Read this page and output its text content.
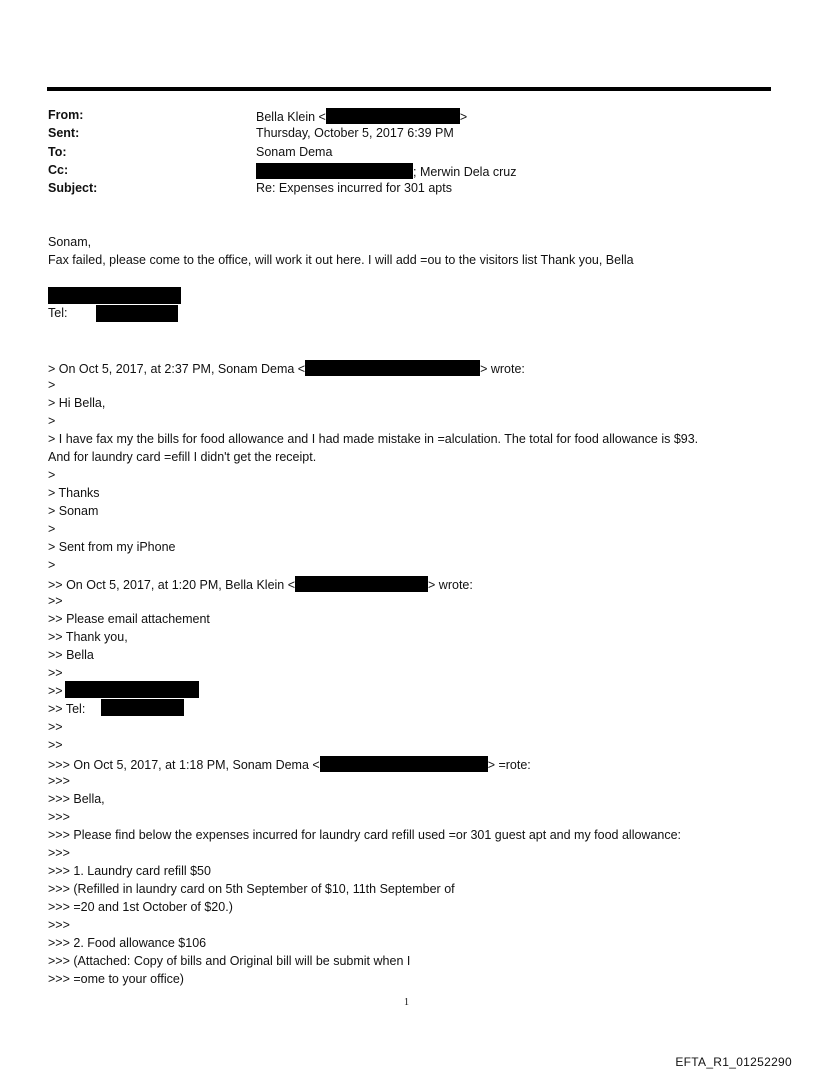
From:	Bella Klein <	>
Sent:	Thursday, October 5, 2017 6:39 PM
To:	Sonam Dema
Cc:	; Merwin Dela cruz
Subject:	Re: Expenses incurred for 301 apts
Sonam,
Fax failed, please come to the office, will work it out here. I will add =ou to the visitors list Thank you, Bella
Tel:
> On Oct 5, 2017, at 2:37 PM, Sonam Dema <	> wrote:
>
> Hi Bella,
>
> I have fax my the bills for food allowance and I had made mistake in =alculation. The total for food allowance is $93.
And for laundry card =efill I didn't get the receipt.
>
> Thanks
> Sonam
>
> Sent from my iPhone
>
>> On Oct 5, 2017, at 1:20 PM, Bella Klein <	> wrote:
>>
>> Please email attachement
>> Thank you,
>> Bella
>>
>>
>> Tel:
>>
>>
>>> On Oct 5, 2017, at 1:18 PM, Sonam Dema <	> =rote:
>>>
>>> Bella,
>>>
>>> Please find below the expenses incurred for laundry card refill used =or 301 guest apt and my food allowance:
>>>
>>> 1. Laundry card refill $50
>>> (Refilled in laundry card on 5th September of $10, 11th September of
>>> =20 and 1st October of $20.)
>>>
>>> 2. Food allowance $106
>>> (Attached: Copy of bills and Original bill will be submit when I
>>> =ome to your office)
1
EFTA_R1_01252290
